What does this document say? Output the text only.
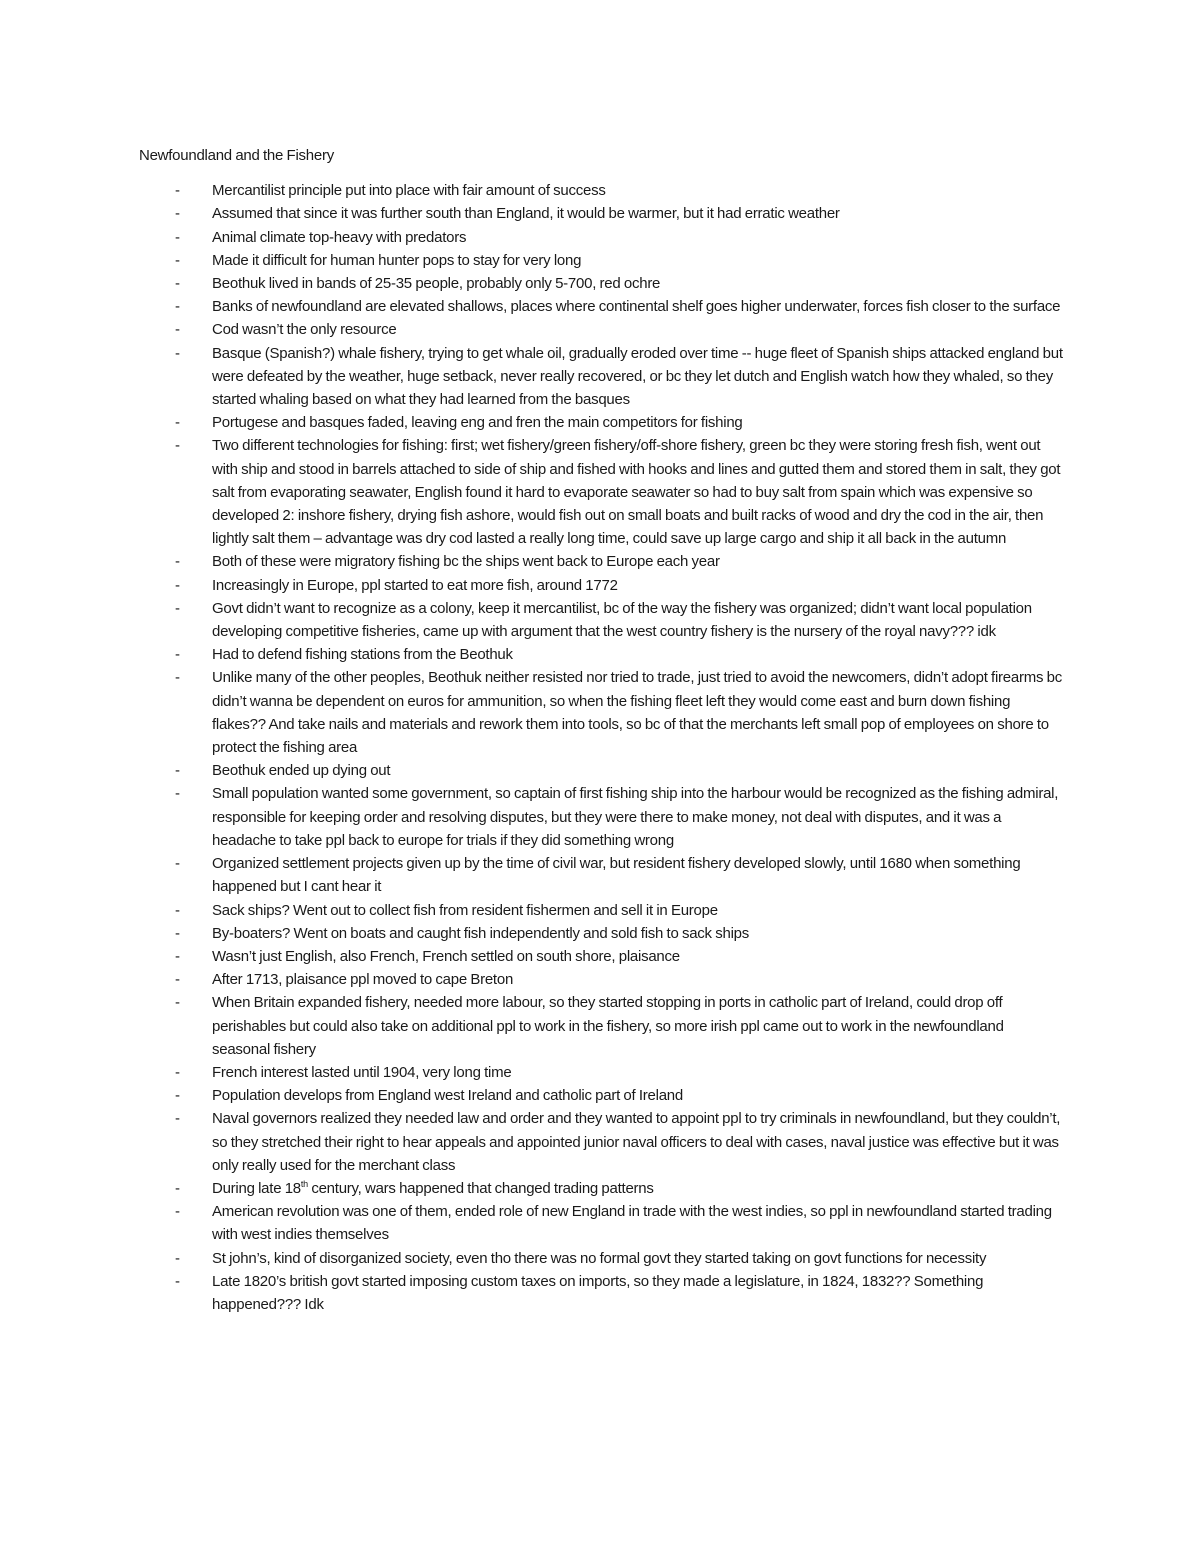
Newfoundland and the Fishery

- Mercantilist principle put into place with fair amount of success
- Assumed that since it was further south than England, it would be warmer, but it had erratic weather
- Animal climate top-heavy with predators
- Made it difficult for human hunter pops to stay for very long
- Beothuk lived in bands of 25-35 people, probably only 5-700, red ochre
- Banks of newfoundland are elevated shallows, places where continental shelf goes higher underwater, forces fish closer to the surface
- Cod wasn’t the only resource
- Basque (Spanish?) whale fishery, trying to get whale oil, gradually eroded over time -- huge fleet of Spanish ships attacked england but were defeated by the weather, huge setback, never really recovered, or bc they let dutch and English watch how they whaled, so they started whaling based on what they had learned from the basques
- Portugese and basques faded, leaving eng and fren the main competitors for fishing
- Two different technologies for fishing: first; wet fishery/green fishery/off-shore fishery, green bc they were storing fresh fish, went out with ship and stood in barrels attached to side of ship and fished with hooks and lines and gutted them and stored them in salt, they got salt from evaporating seawater, English found it hard to evaporate seawater so had to buy salt from spain which was expensive so developed 2: inshore fishery, drying fish ashore, would fish out on small boats and built racks of wood and dry the cod in the air, then lightly salt them – advantage was dry cod lasted a really long time, could save up large cargo and ship it all back in the autumn
- Both of these were migratory fishing bc the ships went back to Europe each year
- Increasingly in Europe, ppl started to eat more fish, around 1772
- Govt didn’t want to recognize as a colony, keep it mercantilist, bc of the way the fishery was organized; didn’t want local population developing competitive fisheries, came up with argument that the west country fishery is the nursery of the royal navy??? idk
- Had to defend fishing stations from the Beothuk
- Unlike many of the other peoples, Beothuk neither resisted nor tried to trade, just tried to avoid the newcomers, didn’t adopt firearms bc didn’t wanna be dependent on euros for ammunition, so when the fishing fleet left they would come east and burn down fishing flakes?? And take nails and materials and rework them into tools, so bc of that the merchants left small pop of employees on shore to protect the fishing area
- Beothuk ended up dying out
- Small population wanted some government, so captain of first fishing ship into the harbour would be recognized as the fishing admiral, responsible for keeping order and resolving disputes, but they were there to make money, not deal with disputes, and it was a headache to take ppl back to europe for trials if they did something wrong
- Organized settlement projects given up by the time of civil war, but resident fishery developed slowly, until 1680 when something happened but I cant hear it
- Sack ships? Went out to collect fish from resident fishermen and sell it in Europe
- By-boaters? Went on boats and caught fish independently and sold fish to sack ships
- Wasn’t just English, also French, French settled on south shore, plaisance
- After 1713, plaisance ppl moved to cape Breton
- When Britain expanded fishery, needed more labour, so they started stopping in ports in catholic part of Ireland, could drop off perishables but could also take on additional ppl to work in the fishery, so more irish ppl came out to work in the newfoundland seasonal fishery
- French interest lasted until 1904, very long time
- Population develops from England west Ireland and catholic part of Ireland
- Naval governors realized they needed law and order and they wanted to appoint ppl to try criminals in newfoundland, but they couldn’t, so they stretched their right to hear appeals and appointed junior naval officers to deal with cases, naval justice was effective but it was only really used for the merchant class
- During late 18th century, wars happened that changed trading patterns
- American revolution was one of them, ended role of new England in trade with the west indies, so ppl in newfoundland started trading with west indies themselves
- St john’s, kind of disorganized society, even tho there was no formal govt they started taking on govt functions for necessity
- Late 1820’s british govt started imposing custom taxes on imports, so they made a legislature, in 1824, 1832?? Something happened??? Idk
